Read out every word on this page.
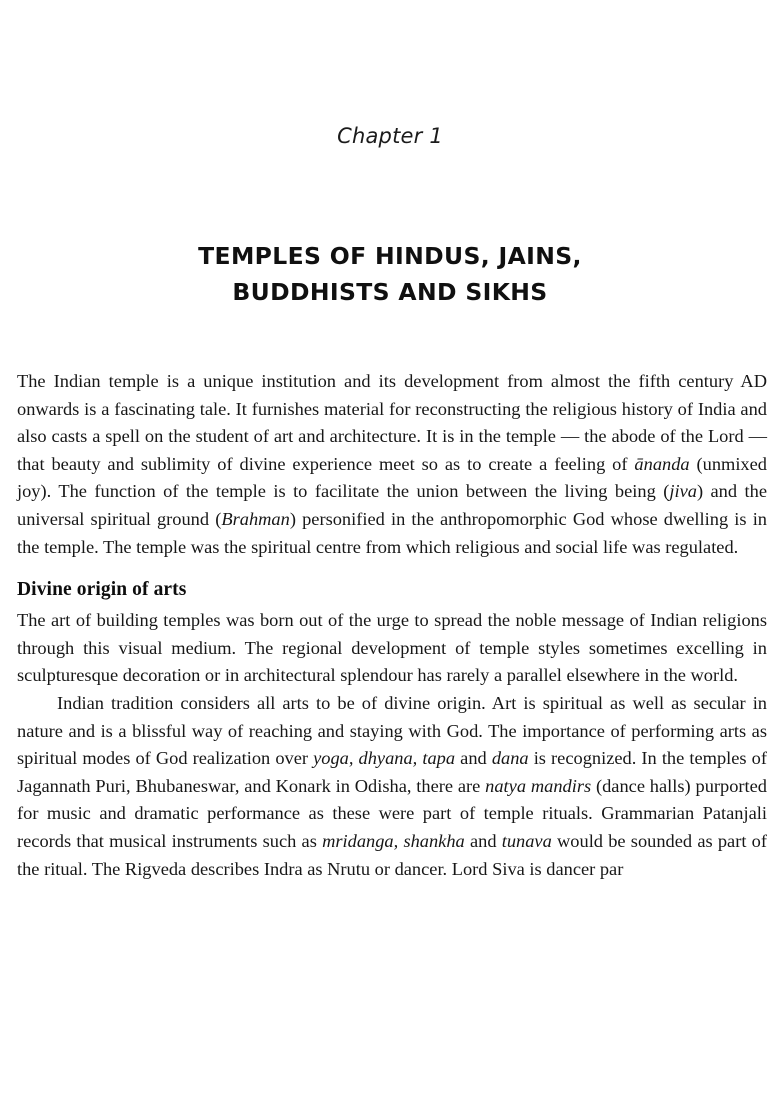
Chapter 1
TEMPLES OF HINDUS, JAINS,
BUDDHISTS AND SIKHS

The Indian temple is a unique institution and its development from almost the fifth century AD onwards is a fascinating tale. It furnishes material for reconstructing the religious history of India and also casts a spell on the student of art and architecture. It is in the temple — the abode of the Lord — that beauty and sublimity of divine experience meet so as to create a feeling of ānanda (unmixed joy). The function of the temple is to facilitate the union between the living being (jiva) and the universal spiritual ground (Brahman) personified in the anthropomorphic God whose dwelling is in the temple. The temple was the spiritual centre from which religious and social life was regulated.

Divine origin of arts

The art of building temples was born out of the urge to spread the noble message of Indian religions through this visual medium. The regional development of temple styles sometimes excelling in sculpturesque decoration or in architectural splendour has rarely a parallel elsewhere in the world.

Indian tradition considers all arts to be of divine origin. Art is spiritual as well as secular in nature and is a blissful way of reaching and staying with God. The importance of performing arts as spiritual modes of God realization over yoga, dhyana, tapa and dana is recognized. In the temples of Jagannath Puri, Bhubaneswar, and Konark in Odisha, there are natya mandirs (dance halls) purported for music and dramatic performance as these were part of temple rituals. Grammarian Patanjali records that musical instruments such as mridanga, shankha and tunava would be sounded as part of the ritual. The Rigveda describes Indra as Nrutu or dancer. Lord Siva is dancer par
